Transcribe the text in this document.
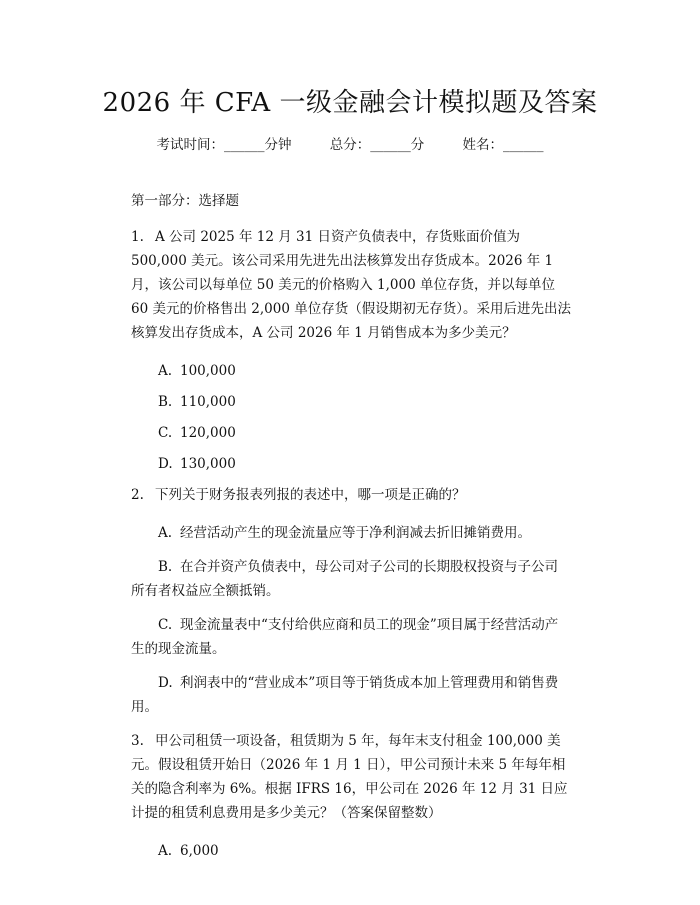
2026 年 CFA 一级金融会计模拟题及答案
考试时间：______分钟	总分：______分	姓名：______
第一部分：选择题
1. A 公司 2025 年 12 月 31 日资产负债表中，存货账面价值为 500,000 美元。该公司采用先进先出法核算发出存货成本。2026 年 1 月，该公司以每单位 50 美元的价格购入 1,000 单位存货，并以每单位 60 美元的价格售出 2,000 单位存货（假设期初无存货）。采用后进先出法核算发出存货成本，A 公司 2026 年 1 月销售成本为多少美元？
A. 100,000
B. 110,000
C. 120,000
D. 130,000
2. 下列关于财务报表列报的表述中，哪一项是正确的？
A. 经营活动产生的现金流量应等于净利润减去折旧摊销费用。
B. 在合并资产负债表中，母公司对子公司的长期股权投资与子公司所有者权益应全额抵销。
C. 现金流量表中“支付给供应商和员工的现金”项目属于经营活动产生的现金流量。
D. 利润表中的“营业成本”项目等于销货成本加上管理费用和销售费用。
3. 甲公司租赁一项设备，租赁期为 5 年，每年末支付租金 100,000 美元。假设租赁开始日（2026 年 1 月 1 日），甲公司预计未来 5 年每年相关的隐含利率为 6%。根据 IFRS 16，甲公司在 2026 年 12 月 31 日应计提的租赁利息费用是多少美元？（答案保留整数）
A. 6,000
